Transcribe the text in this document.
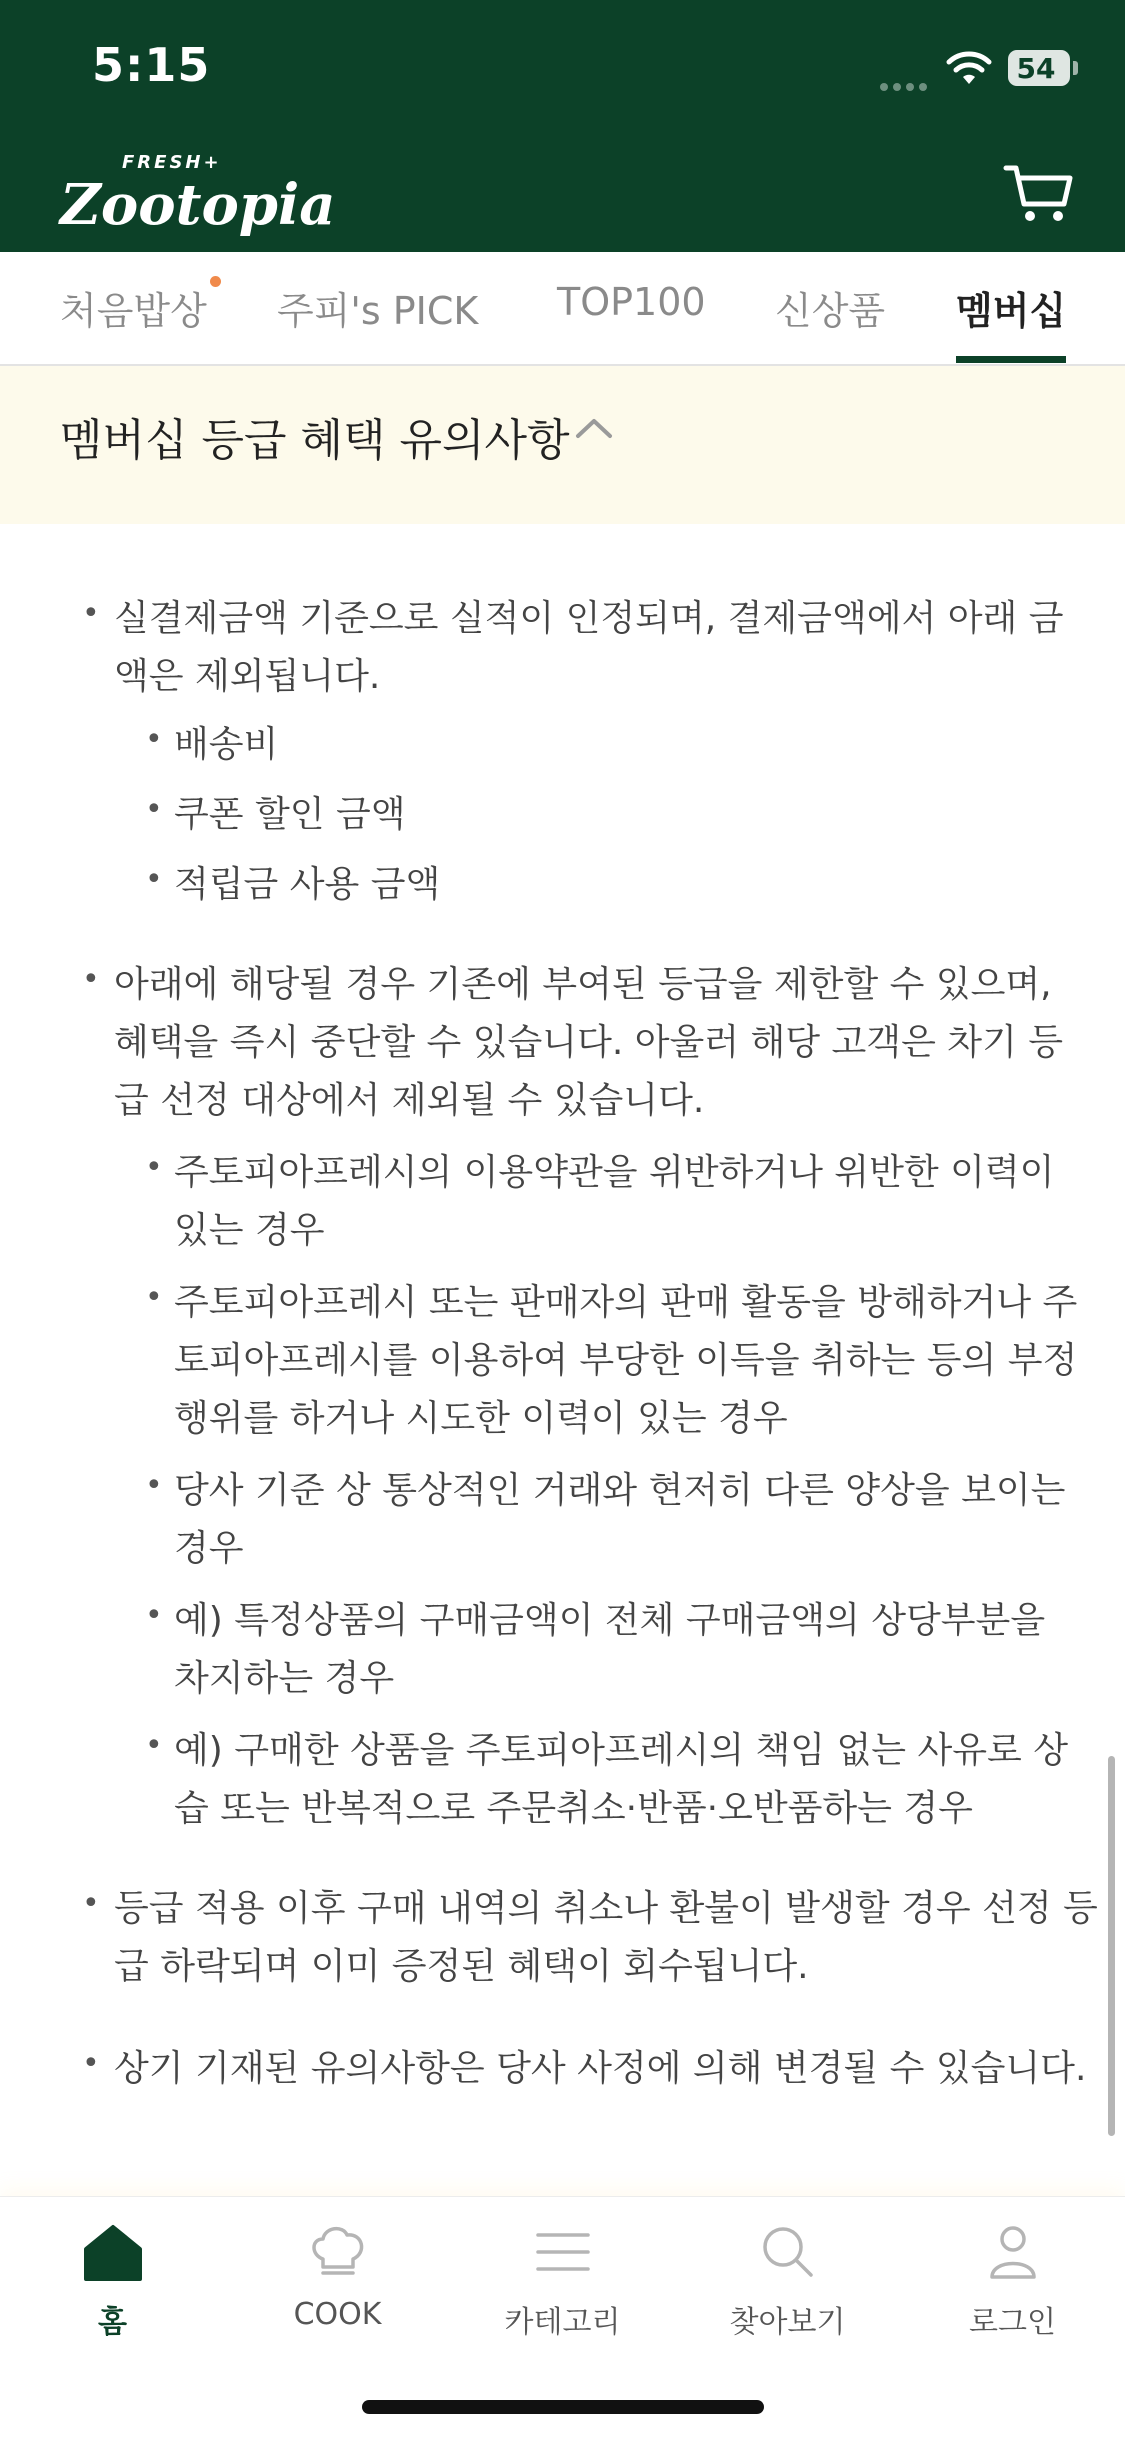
5:15	54
FRESH+
Zootopia
처음밥상 주피's PICK TOP100 신상품 멤버십
멤버십 등급 혜택 유의사항
• 실결제금액 기준으로 실적이 인정되며, 결제금액에서 아래 금
액은 제외됩니다.
• 배송비
• 쿠폰 할인 금액
• 적립금 사용 금액
• 아래에 해당될 경우 기존에 부여된 등급을 제한할 수 있으며,
혜택을 즉시 중단할 수 있습니다. 아울러 해당 고객은 차기 등
급 선정 대상에서 제외될 수 있습니다.
• 주토피아프레시의 이용약관을 위반하거나 위반한 이력이
있는 경우
• 주토피아프레시 또는 판매자의 판매 활동을 방해하거나 주
토피아프레시를 이용하여 부당한 이득을 취하는 등의 부정
행위를 하거나 시도한 이력이 있는 경우
• 당사 기준 상 통상적인 거래와 현저히 다른 양상을 보이는
경우
• 예) 특정상품의 구매금액이 전체 구매금액의 상당부분을
차지하는 경우
• 예) 구매한 상품을 주토피아프레시의 책임 없는 사유로 상
습 또는 반복적으로 주문취소·반품·오반품하는 경우
• 등급 적용 이후 구매 내역의 취소나 환불이 발생할 경우 선정 등
급 하락되며 이미 증정된 혜택이 회수됩니다.
• 상기 기재된 유의사항은 당사 사정에 의해 변경될 수 있습니다.
홈	COOK	카테고리	찾아보기	로그인
